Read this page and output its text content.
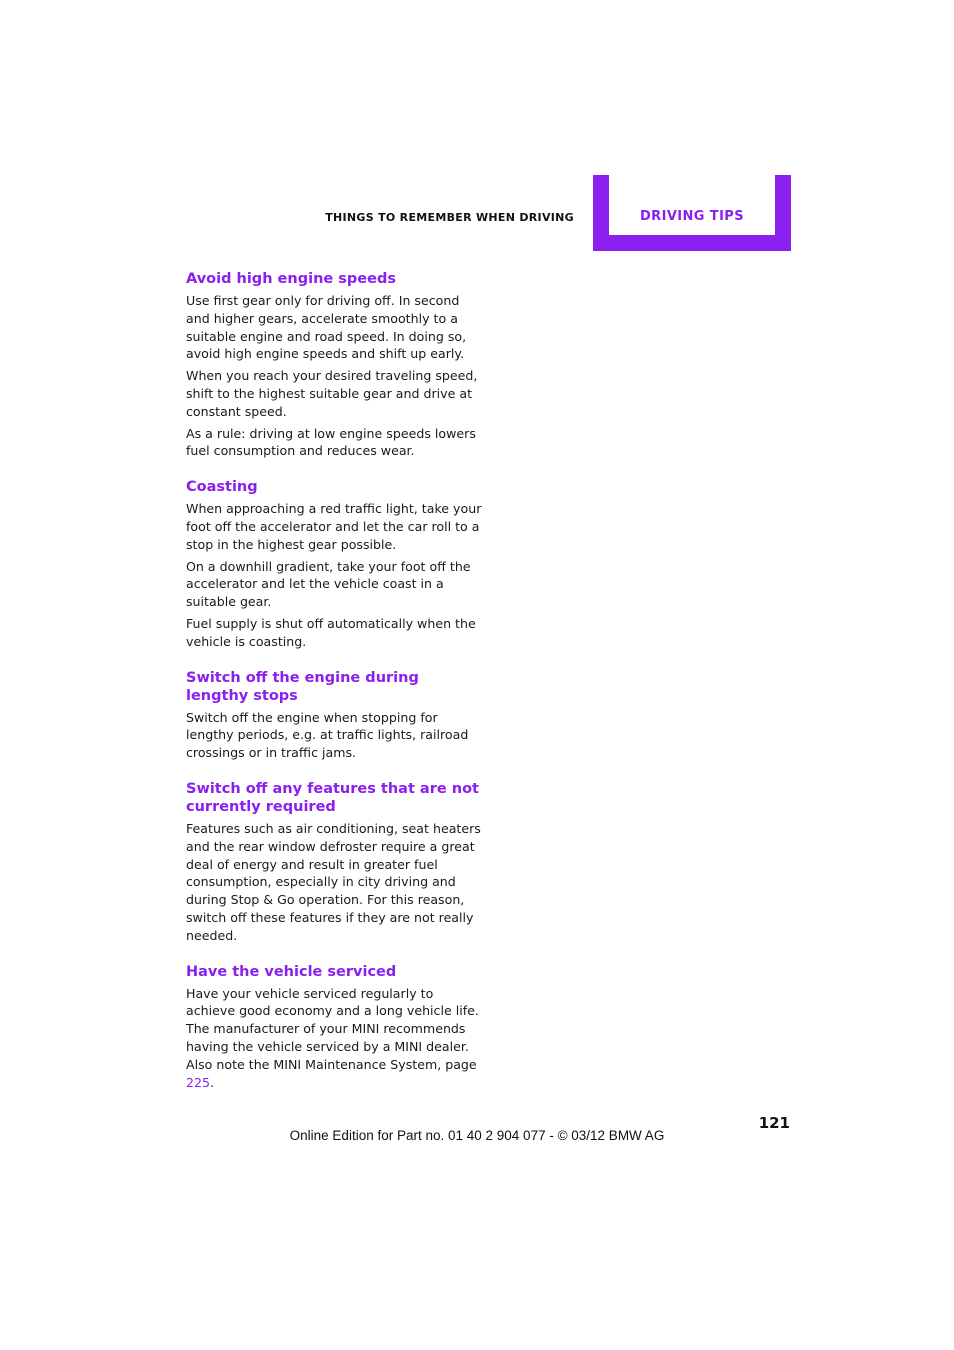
THINGS TO REMEMBER WHEN DRIVING	DRIVING TIPS
Avoid high engine speeds

Use first gear only for driving off. In second and higher gears, accelerate smoothly to a suitable engine and road speed. In doing so, avoid high engine speeds and shift up early.

When you reach your desired traveling speed, shift to the highest suitable gear and drive at constant speed.

As a rule: driving at low engine speeds lowers fuel consumption and reduces wear.

Coasting

When approaching a red traffic light, take your foot off the accelerator and let the car roll to a stop in the highest gear possible.

On a downhill gradient, take your foot off the accelerator and let the vehicle coast in a suitable gear.

Fuel supply is shut off automatically when the vehicle is coasting.

Switch off the engine during lengthy stops

Switch off the engine when stopping for lengthy periods, e.g. at traffic lights, railroad crossings or in traffic jams.

Switch off any features that are not currently required

Features such as air conditioning, seat heaters and the rear window defroster require a great deal of energy and result in greater fuel consumption, especially in city driving and during Stop & Go operation. For this reason, switch off these features if they are not really needed.

Have the vehicle serviced

Have your vehicle serviced regularly to achieve good economy and a long vehicle life. The manufacturer of your MINI recommends having the vehicle serviced by a MINI dealer. Also note the MINI Maintenance System, page 225.

121
Online Edition for Part no. 01 40 2 904 077 - © 03/12 BMW AG
